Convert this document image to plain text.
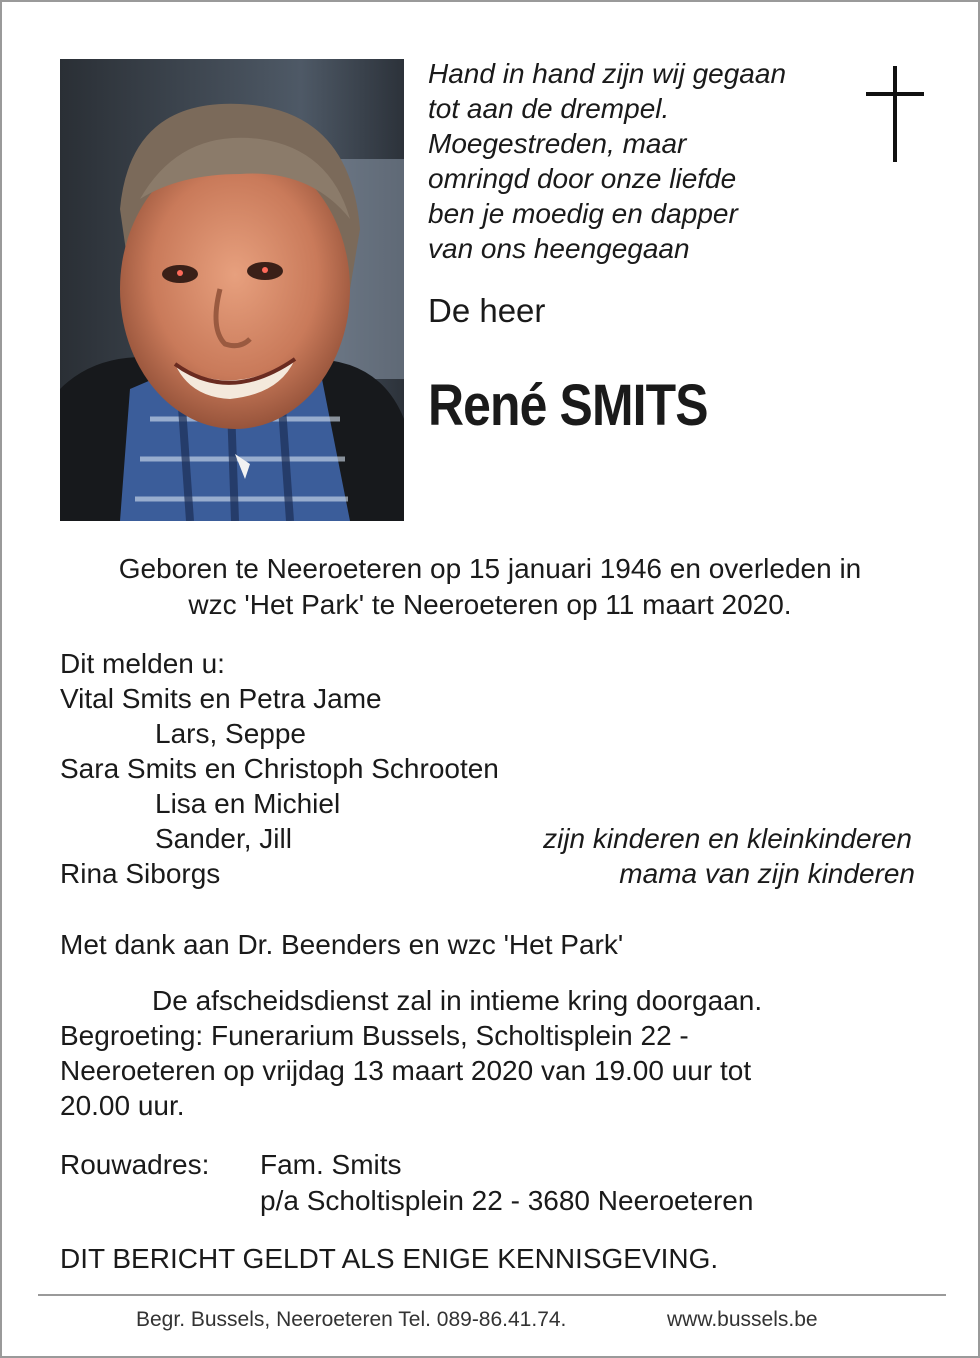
Hand in hand zijn wij gegaan
tot aan de drempel.
Moegestreden, maar
omringd door onze liefde
ben je moedig en dapper
van ons heengegaan
De heer
René SMITS
Geboren te Neeroeteren op 15 januari 1946 en overleden in
wzc 'Het Park' te Neeroeteren op 11 maart 2020.
Dit melden u:
Vital Smits en Petra Jame
Lars, Seppe
Sara Smits en Christoph Schrooten
Lisa en Michiel
Sander, Jill	zijn kinderen en kleinkinderen
Rina Siborgs	mama van zijn kinderen
Met dank aan Dr. Beenders en wzc 'Het Park'
De afscheidsdienst zal in intieme kring doorgaan.
Begroeting: Funerarium Bussels, Scholtisplein 22 -
Neeroeteren op vrijdag 13 maart 2020 van 19.00 uur tot
20.00 uur.
Rouwadres: Fam. Smits
p/a Scholtisplein 22 - 3680 Neeroeteren
DIT BERICHT GELDT ALS ENIGE KENNISGEVING.
Begr. Bussels, Neeroeteren Tel. 089-86.41.74.	www.bussels.be
